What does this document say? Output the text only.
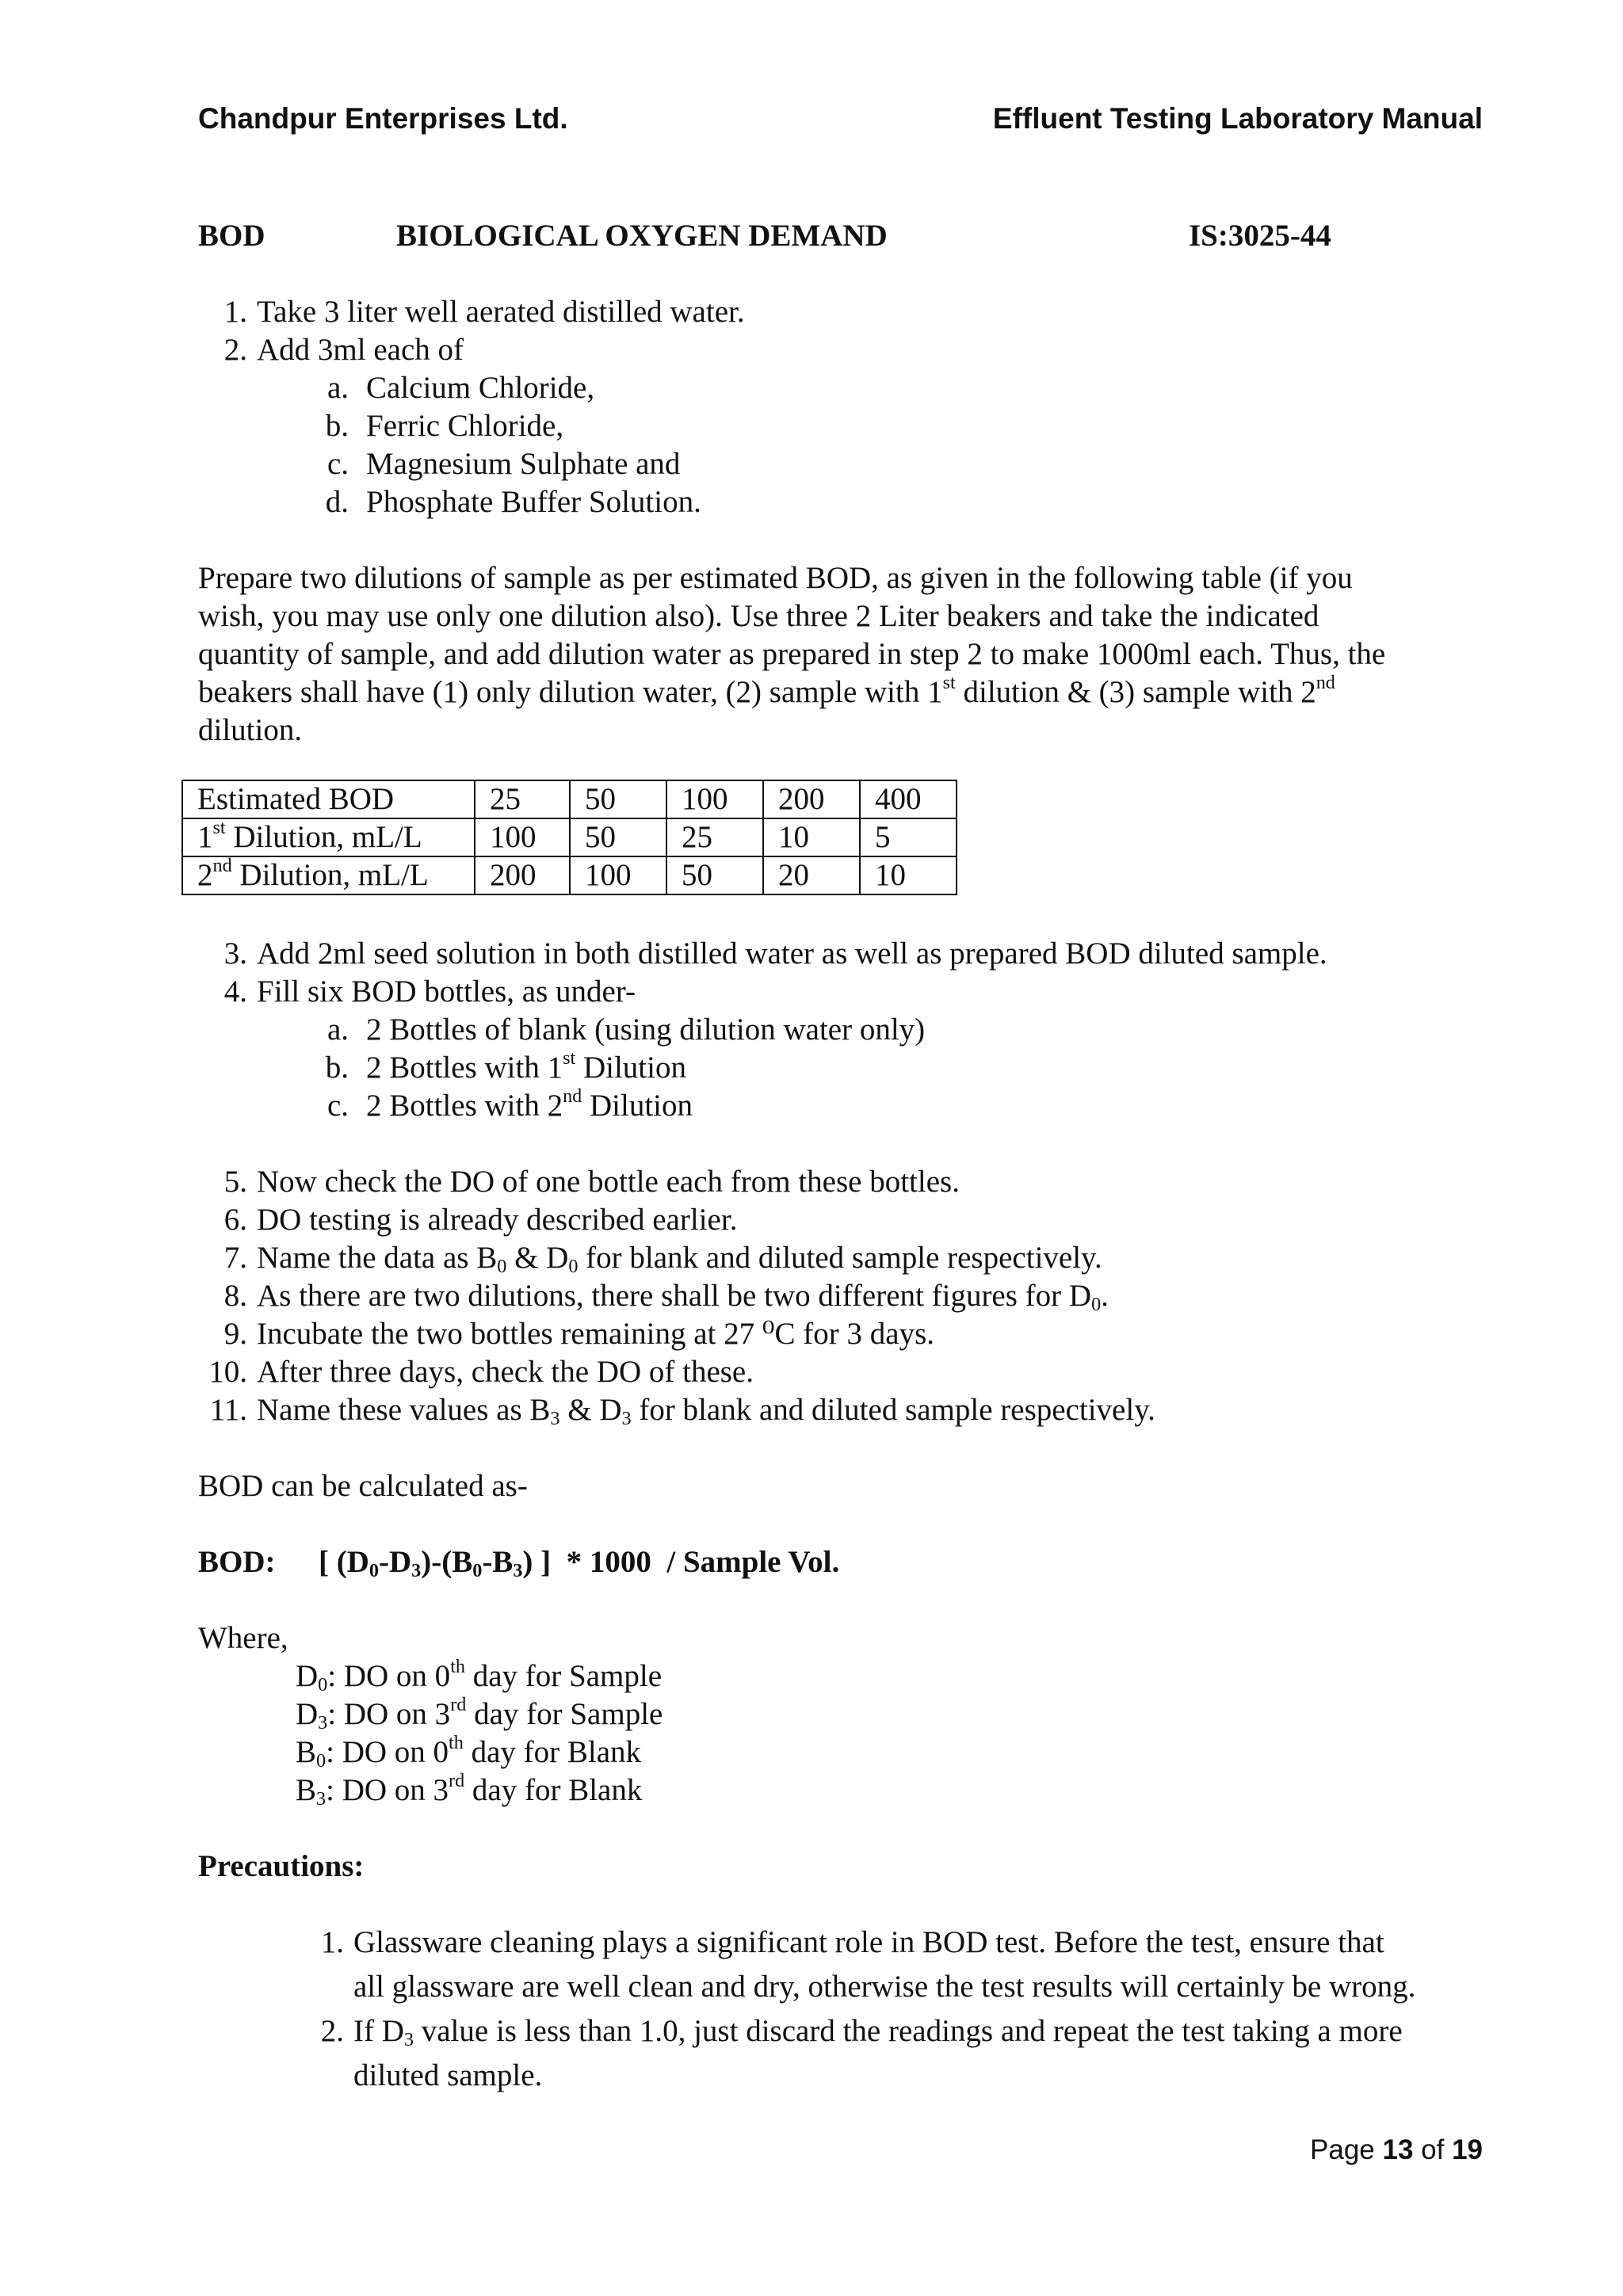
Chandpur Enterprises Ltd.	Effluent Testing Laboratory Manual
BOD	BIOLOGICAL OXYGEN DEMAND	IS:3025-44
1. Take 3 liter well aerated distilled water.
2. Add 3ml each of
a. Calcium Chloride,
b. Ferric Chloride,
c. Magnesium Sulphate and
d. Phosphate Buffer Solution.
Prepare two dilutions of sample as per estimated BOD, as given in the following table (if you
wish, you may use only one dilution also). Use three 2 Liter beakers and take the indicated
quantity of sample, and add dilution water as prepared in step 2 to make 1000ml each. Thus, the
beakers shall have (1) only dilution water, (2) sample with 1st dilution & (3) sample with 2nd
dilution.
Estimated BOD	25	50	100	200	400
1st Dilution, mL/L	100	50	25	10	5
2nd Dilution, mL/L	200	100	50	20	10
3. Add 2ml seed solution in both distilled water as well as prepared BOD diluted sample.
4. Fill six BOD bottles, as under-
a. 2 Bottles of blank (using dilution water only)
b. 2 Bottles with 1st Dilution
c. 2 Bottles with 2nd Dilution
5. Now check the DO of one bottle each from these bottles.
6. DO testing is already described earlier.
7. Name the data as $B_0$ & $D_0$ for blank and diluted sample respectively.
8. As there are two dilutions, there shall be two different figures for $D_0$.
9. Incubate the two bottles remaining at 27 ⁰C for 3 days.
10. After three days, check the DO of these.
11. Name these values as $B_3$ & $D_3$ for blank and diluted sample respectively.
BOD can be calculated as-
BOD: [ $(D_0-D_3)-(B_0-B_3)$ ]  * 1000  / Sample Vol.
Where,
$D_0$: DO on 0th day for Sample
$D_3$: DO on 3rd day for Sample
$B_0$: DO on 0th day for Blank
$B_3$: DO on 3rd day for Blank
Precautions:
1. Glassware cleaning plays a significant role in BOD test. Before the test, ensure that
all glassware are well clean and dry, otherwise the test results will certainly be wrong.
2. If $D_3$ value is less than 1.0, just discard the readings and repeat the test taking a more
diluted sample.
Page 13 of 19
